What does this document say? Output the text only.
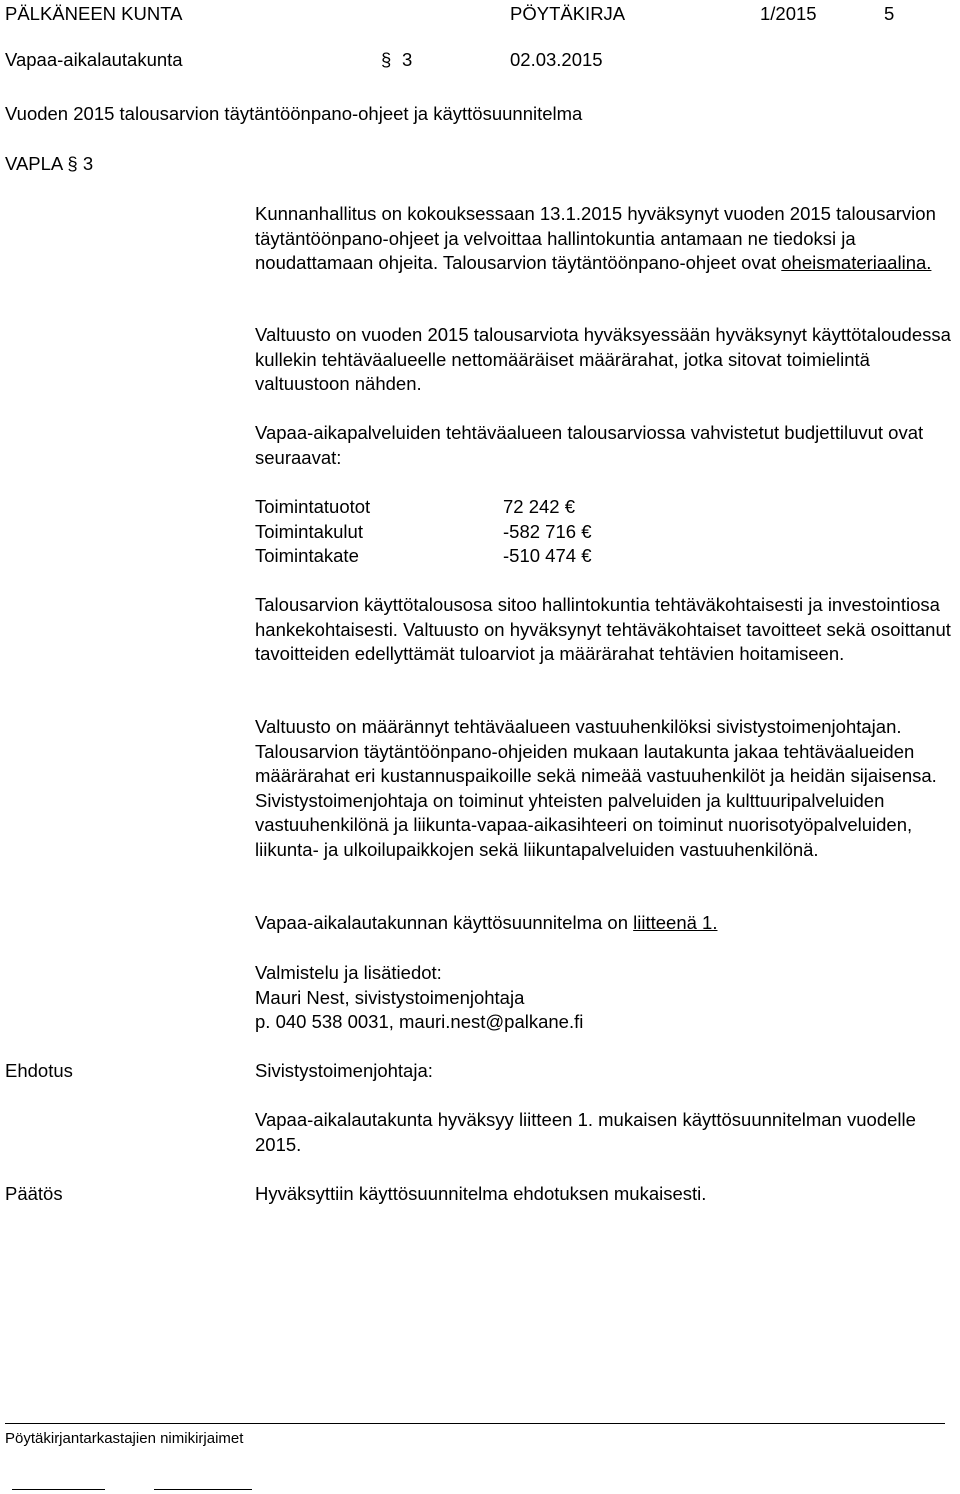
PÄLKÄNEEN KUNTA	PÖYTÄKIRJA	1/2015	5
Vapaa-aikalautakunta	§ 3	02.03.2015
Vuoden 2015 talousarvion täytäntöönpano-ohjeet ja käyttösuunnitelma
VAPLA § 3

Kunnanhallitus on kokouksessaan 13.1.2015 hyväksynyt vuoden 2015 talousarvion täytäntöönpano-ohjeet ja velvoittaa hallintokuntia antamaan ne tiedoksi ja noudattamaan ohjeita. Talousarvion täytäntöönpano-ohjeet ovat oheismateriaalina.

Valtuusto on vuoden 2015 talousarviota hyväksyessään hyväksynyt käyttötaloudessa kullekin tehtäväalueelle nettomääräiset määrärahat, jotka sitovat toimielintä valtuustoon nähden.

Vapaa-aikapalveluiden tehtäväalueen talousarviossa vahvistetut budjettiluvut ovat seuraavat:

Toimintatuotot	72 242 €
Toimintakulut	-582 716 €
Toimintakate	-510 474 €

Talousarvion käyttötalousosa sitoo hallintokuntia tehtäväkohtaisesti ja investointiosa hankekohtaisesti. Valtuusto on hyväksynyt tehtäväkohtaiset tavoitteet sekä osoittanut tavoitteiden edellyttämät tuloarviot ja määrärahat tehtävien hoitamiseen.

Valtuusto on määrännyt tehtäväalueen vastuuhenkilöksi sivistystoimenjohtajan. Talousarvion täytäntöönpano-ohjeiden mukaan lautakunta jakaa tehtäväalueiden määrärahat eri kustannuspaikoille sekä nimeää vastuuhenkilöt ja heidän sijaisensa. Sivistystoimenjohtaja on toiminut yhteisten palveluiden ja kulttuuripalveluiden vastuuhenkilönä ja liikunta-vapaa-aikasihteeri on toiminut nuorisotyöpalveluiden, liikunta- ja ulkoilupaikkojen sekä liikuntapalveluiden vastuuhenkilönä.

Vapaa-aikalautakunnan käyttösuunnitelma on liitteenä 1.

Valmistelu ja lisätiedot:
Mauri Nest, sivistystoimenjohtaja
p. 040 538 0031, mauri.nest@palkane.fi
Ehdotus	Sivistystoimenjohtaja:

Vapaa-aikalautakunta hyväksyy liitteen 1. mukaisen käyttösuunnitelman vuodelle 2015.

Päätös	Hyväksyttiin käyttösuunnitelma ehdotuksen mukaisesti.
Pöytäkirjantarkastajien nimikirjaimet
